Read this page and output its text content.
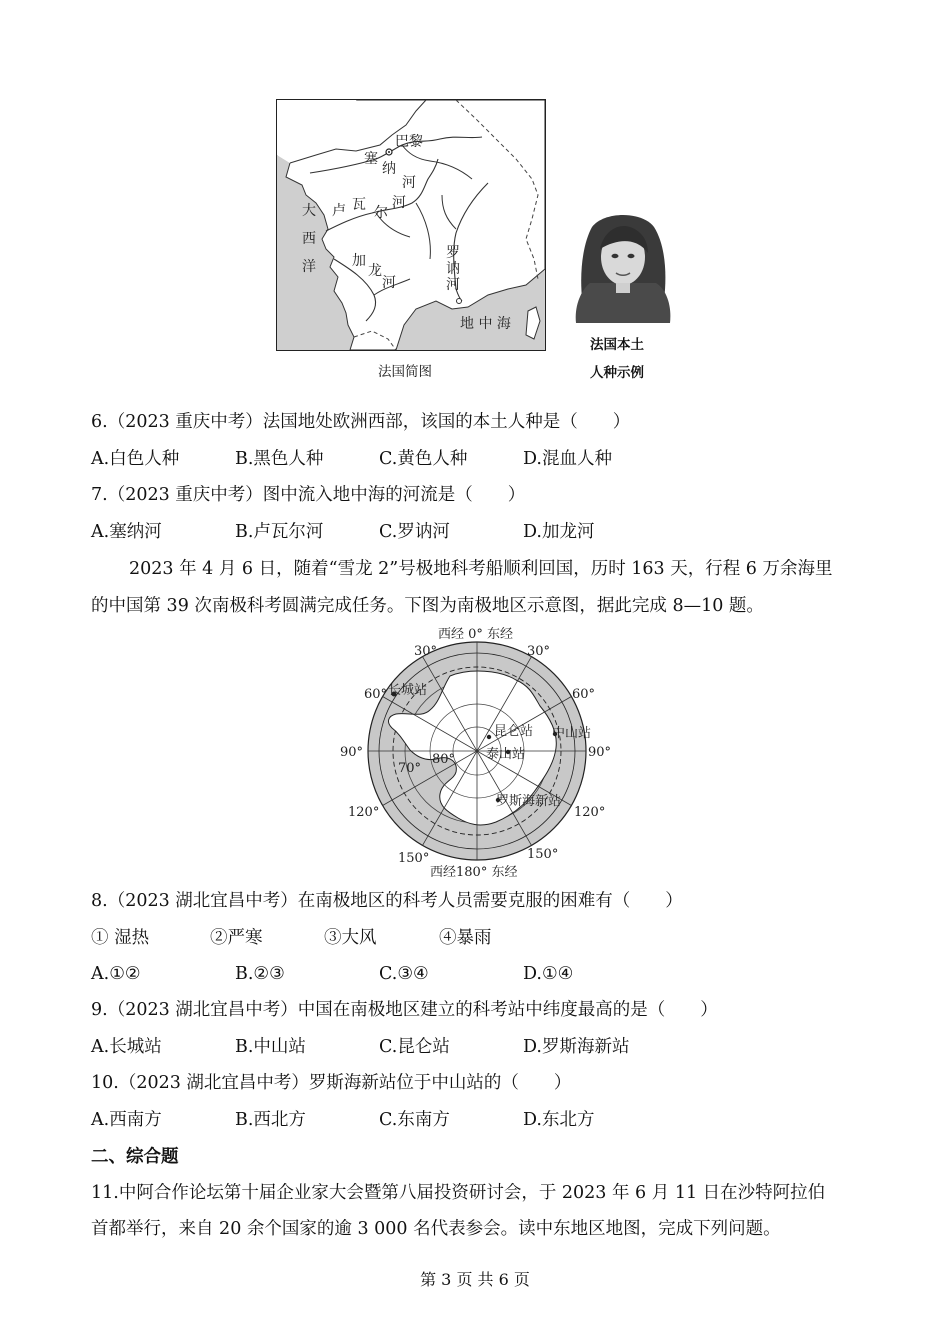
巴黎
塞
纳
河
大
西
洋
卢 瓦 尔
河
加
龙
河
罗
讷
河
地 中 海
法国简图
法国本土
人种示例
6.（2023 重庆中考）法国地处欧洲西部，该国的本土人种是（　　）
A.白色人种	B.黑色人种	C.黄色人种	D.混血人种
7.（2023 重庆中考）图中流入地中海的河流是（　　）
A.塞纳河	B.卢瓦尔河	C.罗讷河	D.加龙河
2023 年 4 月 6 日，随着“雪龙 2”号极地科考船顺利回国，历时 163 天，行程 6 万余海里
的中国第 39 次南极科考圆满完成任务。下图为南极地区示意图，据此完成 8—10 题。
西经 0° 东经
西经180° 东经
30°	30°
60°	60°
90°	90°
120°	120°
150°	150°
70°
80°
长城站
昆仑站 中山站
泰山站
罗斯海新站
8.（2023 湖北宜昌中考）在南极地区的科考人员需要克服的困难有（　　）
① 湿热	②严寒	③大风	④暴雨
A.①②	B.②③	C.③④	D.①④
9.（2023 湖北宜昌中考）中国在南极地区建立的科考站中纬度最高的是（　　）
A.长城站	B.中山站	C.昆仑站	D.罗斯海新站
10.（2023 湖北宜昌中考）罗斯海新站位于中山站的（　　）
A.西南方	B.西北方	C.东南方	D.东北方
二、综合题
11.中阿合作论坛第十届企业家大会暨第八届投资研讨会，于 2023 年 6 月 11 日在沙特阿拉伯
首都举行，来自 20 余个国家的逾 3 000 名代表参会。读中东地区地图，完成下列问题。
第 3 页 共 6 页
